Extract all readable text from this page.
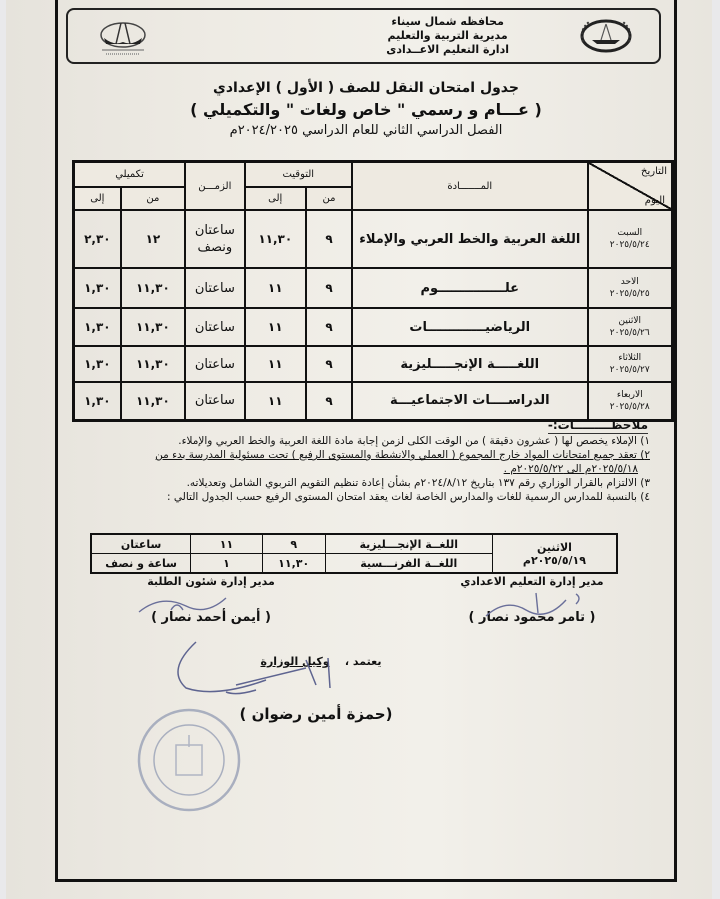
محافظه شمال سيناء
مديرية التربية والتعليم
ادارة التعليم الاعــدادى
جدول امتحان النقل للصف ( الأول ) الإعدادي
( عـــام و رسمي " خاص ولغات " والتكميلي )
الفصل الدراسي الثاني للعام الدراسي ٢٠٢٤/٢٠٢٥م
التاريخ
اليوم	المـــــــادة	التوقيت		الزمـــن	تكميلي	
		من	إلى		من	إلى

السبت
٢٠٢٥/٥/٢٤	اللغة العربية والخط العربي والإملاء	٩	١١,٣٠	ساعتان ونصف	١٢	٢,٣٠

الاحد
٢٠٢٥/٥/٢٥	علـــــــــــــــوم	٩	١١	ساعتان	١١,٣٠	١,٣٠

الاثنين
٢٠٢٥/٥/٢٦	الرياضيـــــــــــــات	٩	١١	ساعتان	١١,٣٠	١,٣٠

الثلاثاء
٢٠٢٥/٥/٢٧	اللغـــــة الإنجـــــليزية	٩	١١	ساعتان	١١,٣٠	١,٣٠

الاربعاء
٢٠٢٥/٥/٢٨	الدراســــات الاجتماعيـــة	٩	١١	ساعتان	١١,٣٠	١,٣٠
ملاحظـــــــــات:-
١) الإملاء يخصص لها ( عشرون دقيقة ) من الوقت الكلى لزمن إجابة مادة اللغة العربية والخط العربي والإملاء.
٢) تعقد جميع امتحانات المواد خارج المجموع ( العملي والانشطة والمستوى الرفيع ) تحت مسئولية المدرسة بدء من
٢٠٢٥/٥/١٨م الى ٢٠٢٥/٥/٢٢م .
٣) الالتزام بالقرار الوزاري رقم ١٣٧ بتاريخ ٢٠٢٤/٨/١٢م بشأن إعادة تنظيم التقويم التربوي الشامل وتعديلاته.
٤) بالنسبة للمدارس الرسمية للغات والمدارس الخاصة لغات يعقد امتحان المستوى الرفيع حسب الجدول التالي :
الاثنين
٢٠٢٥/٥/١٩م	اللغــة الإنجـــليزية	٩	١١	ساعتان
	اللغــة الفرنـــسية	١١,٣٠	١	ساعة و نصف
مدير إدارة التعليم الاعدادي
( تامر محمود نصار )
مدير إدارة شئون الطلبة
( أيمن أحمد نصار )
يعتمد ،    وكيل الوزارة
(حمزة أمين رضوان )
